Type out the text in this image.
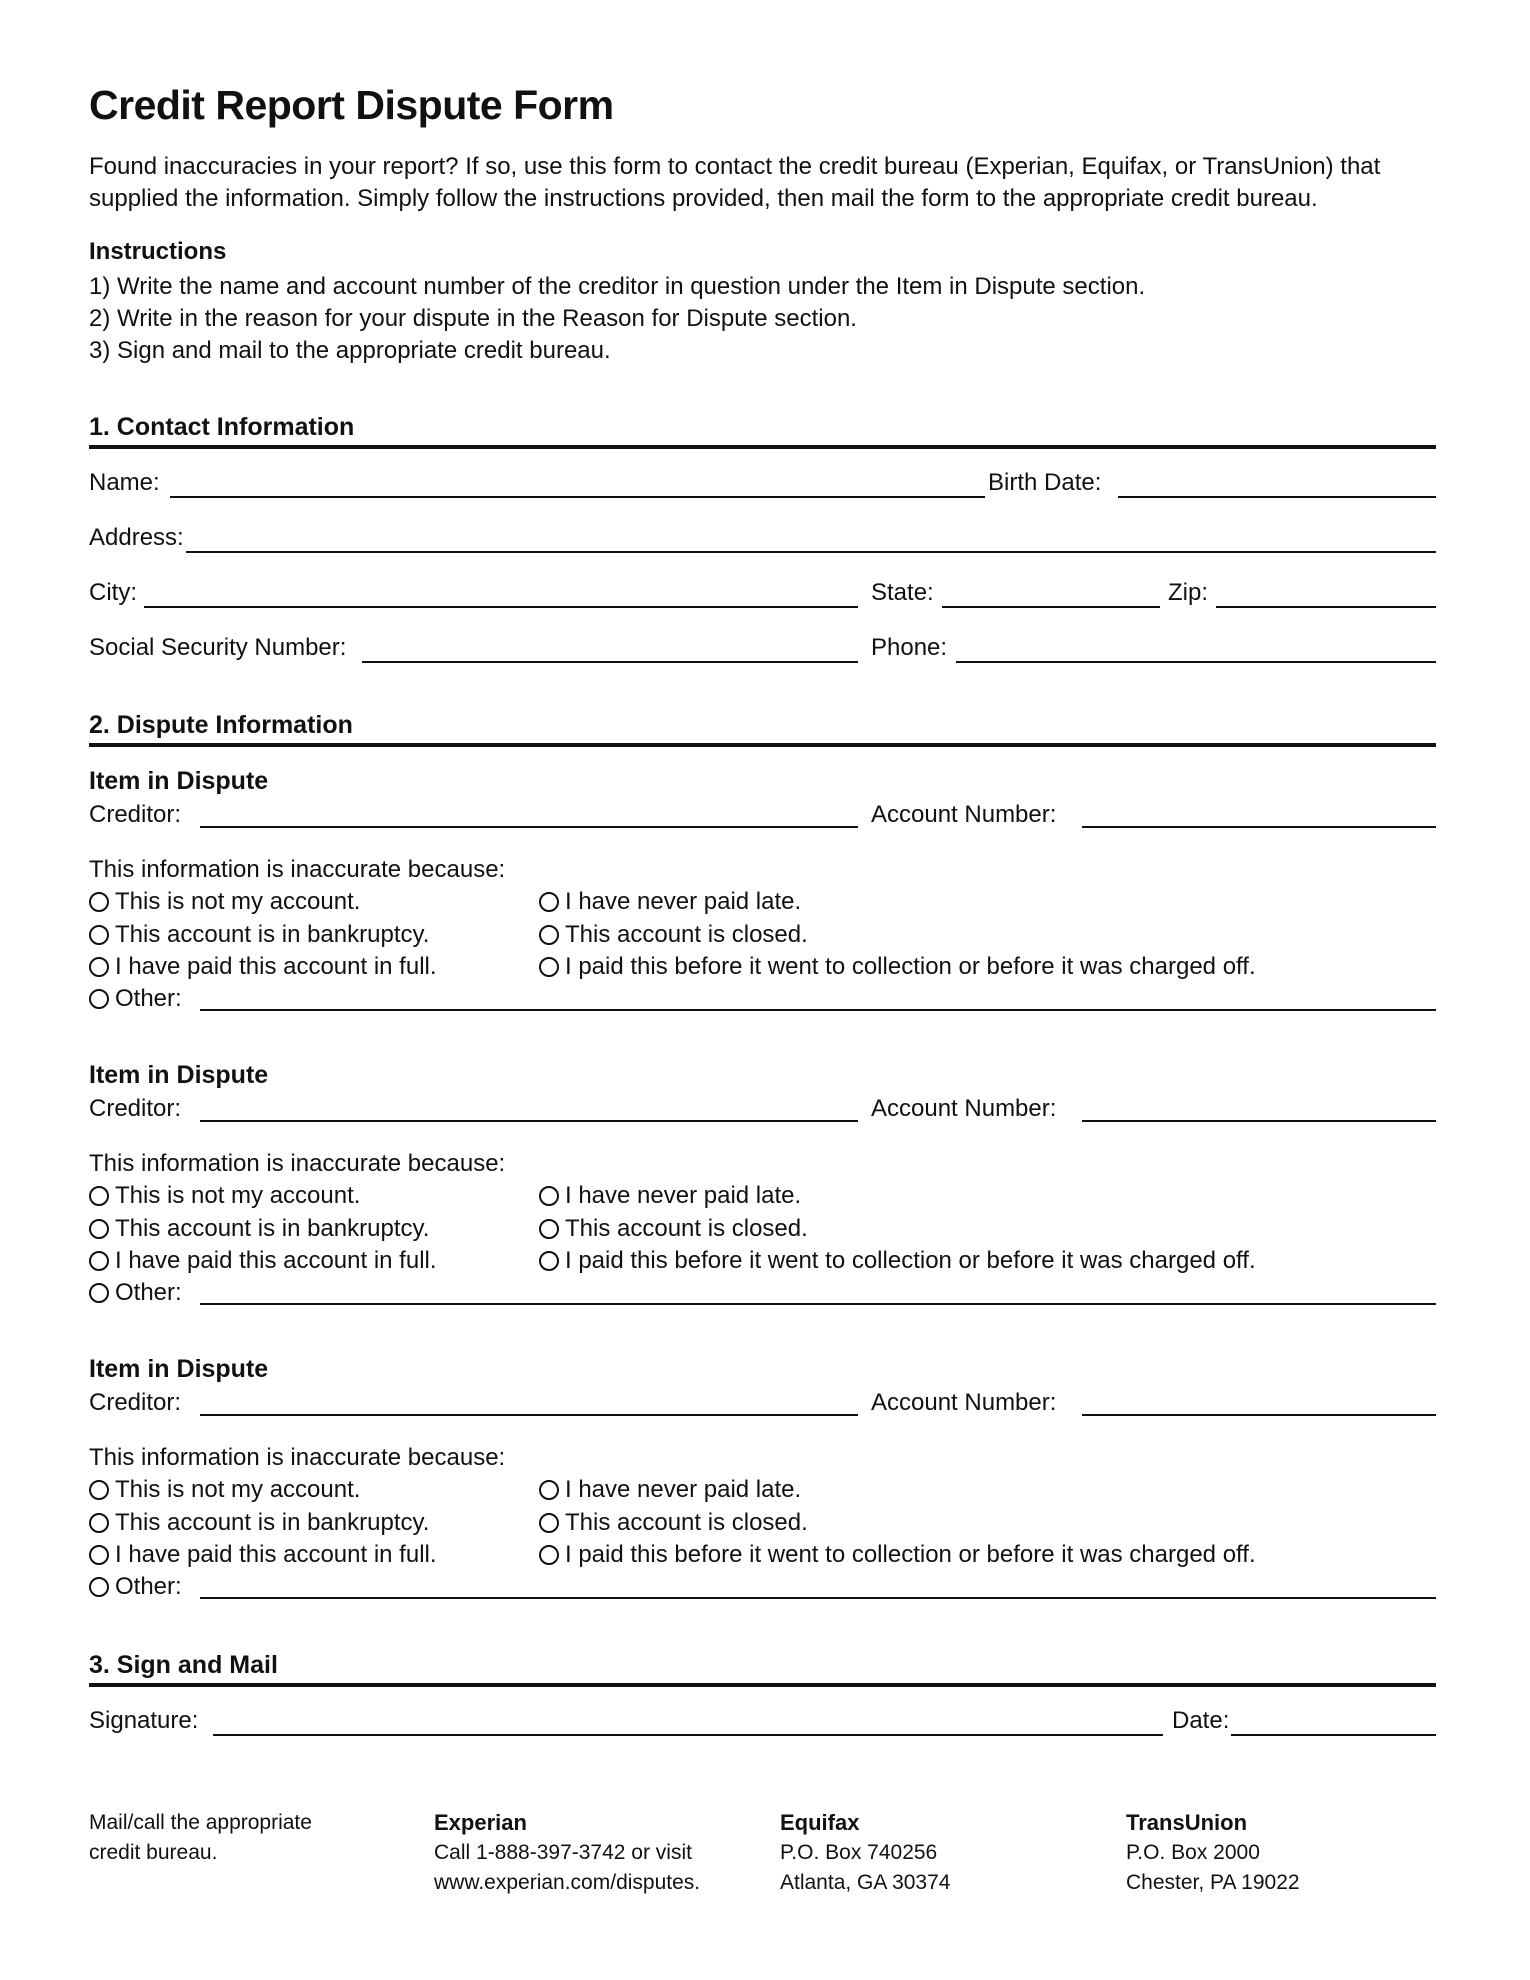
Credit Report Dispute Form
Found inaccuracies in your report? If so, use this form to contact the credit bureau (Experian, Equifax, or TransUnion) that supplied the information. Simply follow the instructions provided, then mail the form to the appropriate credit bureau.
Instructions
1) Write the name and account number of the creditor in question under the Item in Dispute section.
2) Write in the reason for your dispute in the Reason for Dispute section.
3) Sign and mail to the appropriate credit bureau.
1. Contact Information
Name:	Birth Date:
Address:
City:	State:	Zip:
Social Security Number:	Phone:
2. Dispute Information
Item in Dispute
Creditor:	Account Number:
This information is inaccurate because:
This is not my account.
This account is in bankruptcy.
I have paid this account in full.
I have never paid late.
This account is closed.
I paid this before it went to collection or before it was charged off.
Other:
Item in Dispute
Creditor:	Account Number:
This information is inaccurate because:
This is not my account.
This account is in bankruptcy.
I have paid this account in full.
I have never paid late.
This account is closed.
I paid this before it went to collection or before it was charged off.
Other:
Item in Dispute
Creditor:	Account Number:
This information is inaccurate because:
This is not my account.
This account is in bankruptcy.
I have paid this account in full.
I have never paid late.
This account is closed.
I paid this before it went to collection or before it was charged off.
Other:
3. Sign and Mail
Signature:	Date:
Mail/call the appropriate
credit bureau.
Experian
Call 1-888-397-3742 or visit
www.experian.com/disputes.
Equifax
P.O. Box 740256
Atlanta, GA 30374
TransUnion
P.O. Box 2000
Chester, PA 19022
